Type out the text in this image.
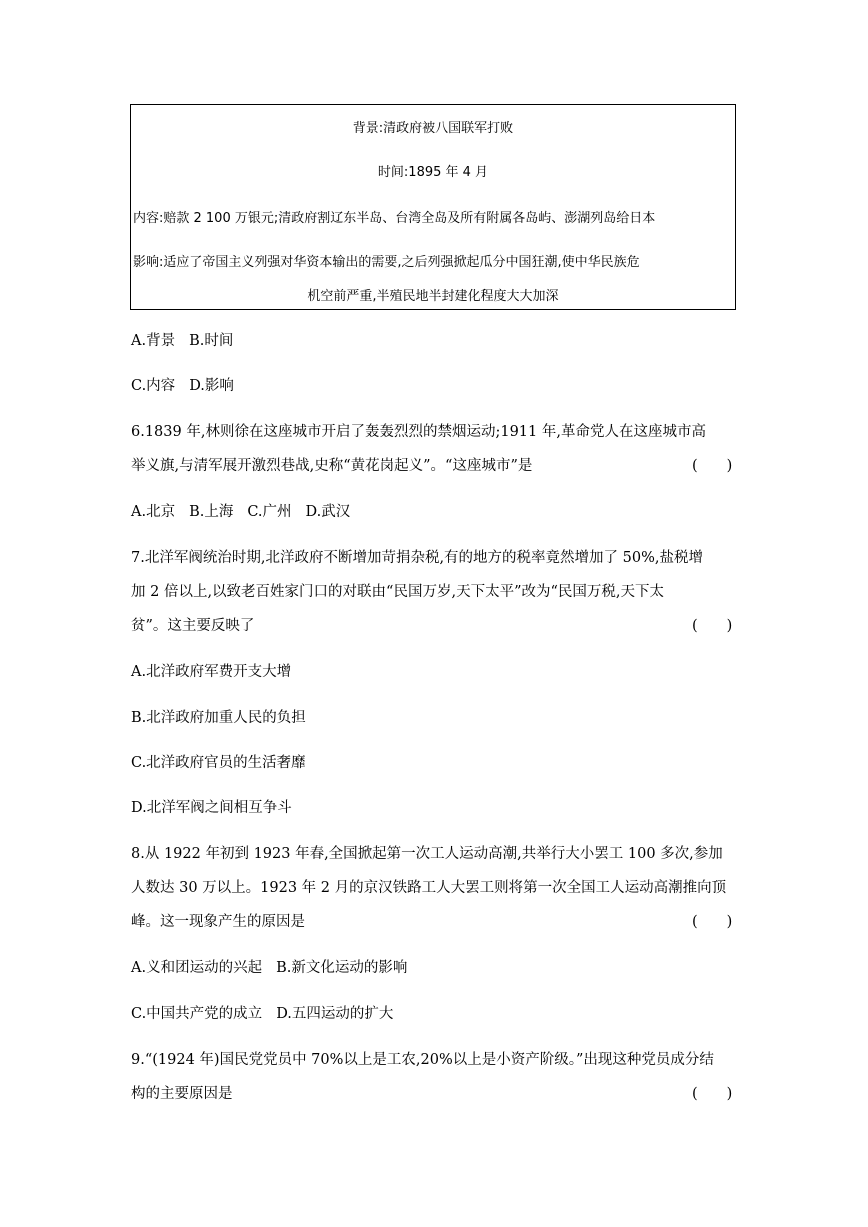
背景:清政府被八国联军打败
时间:1895 年 4 月
内容:赔款 2 100 万银元;清政府割辽东半岛、台湾全岛及所有附属各岛屿、澎湖列岛给日本
影响:适应了帝国主义列强对华资本输出的需要,之后列强掀起瓜分中国狂潮,使中华民族危
机空前严重,半殖民地半封建化程度大大加深
A.背景 B.时间
C.内容 D.影响
6.1839 年,林则徐在这座城市开启了轰轰烈烈的禁烟运动;1911 年,革命党人在这座城市高
举义旗,与清军展开激烈巷战,史称“黄花岗起义”。“这座城市”是	(　　)
A.北京 B.上海 C.广州 D.武汉
7.北洋军阀统治时期,北洋政府不断增加苛捐杂税,有的地方的税率竟然增加了 50%,盐税增
加 2 倍以上,以致老百姓家门口的对联由“民国万岁,天下太平”改为“民国万税,天下太
贫”。这主要反映了	(　　)
A.北洋政府军费开支大增
B.北洋政府加重人民的负担
C.北洋政府官员的生活奢靡
D.北洋军阀之间相互争斗
8.从 1922 年初到 1923 年春,全国掀起第一次工人运动高潮,共举行大小罢工 100 多次,参加
人数达 30 万以上。1923 年 2 月的京汉铁路工人大罢工则将第一次全国工人运动高潮推向顶
峰。这一现象产生的原因是	(　　)
A.义和团运动的兴起 B.新文化运动的影响
C.中国共产党的成立 D.五四运动的扩大
9.“(1924 年)国民党党员中 70%以上是工农,20%以上是小资产阶级。”出现这种党员成分结
构的主要原因是	(　　)
